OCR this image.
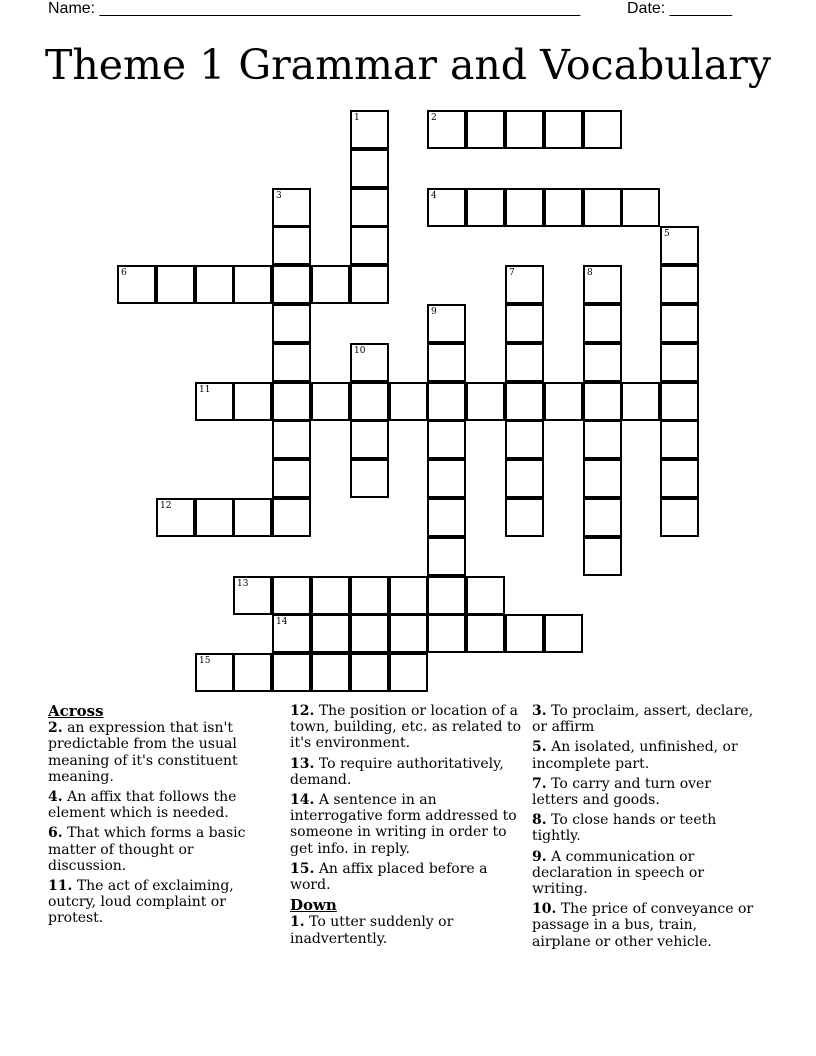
Name: ______________________________________________________	Date: _______
Theme 1 Grammar and Vocabulary
1	2
3	4
5
6	7	8
9
10
11
12
13
14
15
Across
2. an expression that isn't predictable from the usual meaning of it's constituent meaning.
4. An affix that follows the element which is needed.
6. That which forms a basic matter of thought or discussion.
11. The act of exclaiming, outcry, loud complaint or protest.
12. The position or location of a town, building, etc. as related to it's environment.
13. To require authoritatively, demand.
14. A sentence in an interrogative form addressed to someone in writing in order to get info. in reply.
15. An affix placed before a word.
Down
1. To utter suddenly or inadvertently.
3. To proclaim, assert, declare, or affirm
5. An isolated, unfinished, or incomplete part.
7. To carry and turn over letters and goods.
8. To close hands or teeth tightly.
9. A communication or declaration in speech or writing.
10. The price of conveyance or passage in a bus, train, airplane or other vehicle.
